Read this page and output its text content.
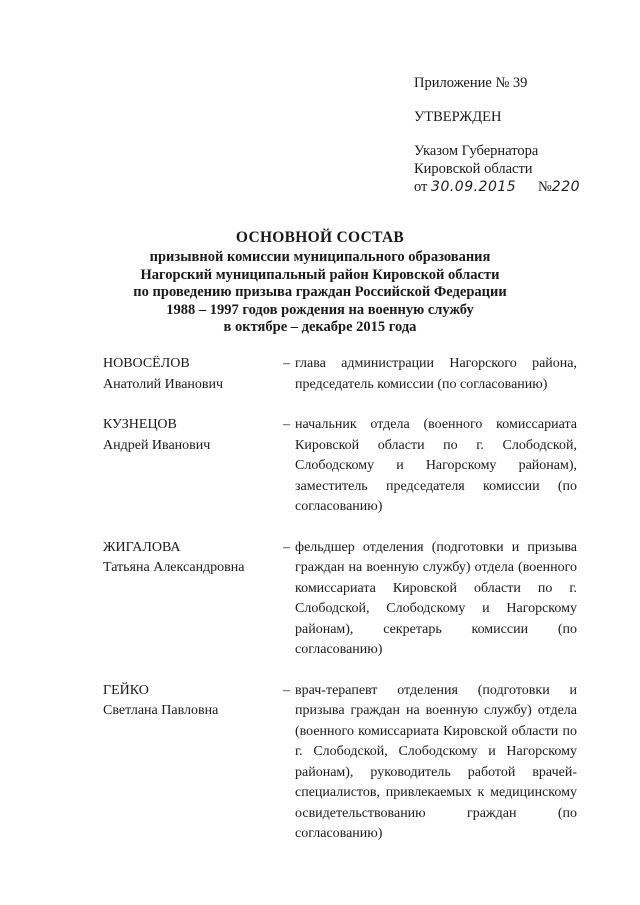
Приложение № 39
УТВЕРЖДЕН
Указом Губернатора
Кировской области
от 30.09.2015 №220
ОСНОВНОЙ СОСТАВ
призывной комиссии муниципального образования
Нагорский муниципальный район Кировской области
по проведению призыва граждан Российской Федерации
1988 – 1997 годов рождения на военную службу
в октябре – декабре 2015 года
НОВОСЁЛОВ
Анатолий Иванович
– глава администрации Нагорского района, председатель комиссии (по согласованию)
КУЗНЕЦОВ
Андрей Иванович
– начальник отдела (военного комиссариата Кировской области по г. Слободской, Слободскому и Нагорскому районам), заместитель председателя комиссии (по согласованию)
ЖИГАЛОВА
Татьяна Александровна
– фельдшер отделения (подготовки и призыва граждан на военную службу) отдела (военного комиссариата Кировской области по г. Слободской, Слободскому и Нагорскому районам), секретарь комиссии (по согласованию)
ГЕЙКО
Светлана Павловна
– врач-терапевт отделения (подготовки и призыва граждан на военную службу) отдела (военного комиссариата Кировской области по г. Слободской, Слободскому и Нагорскому районам), руководитель работой врачей-специалистов, привлекаемых к медицинскому освидетельствованию граждан (по согласованию)
